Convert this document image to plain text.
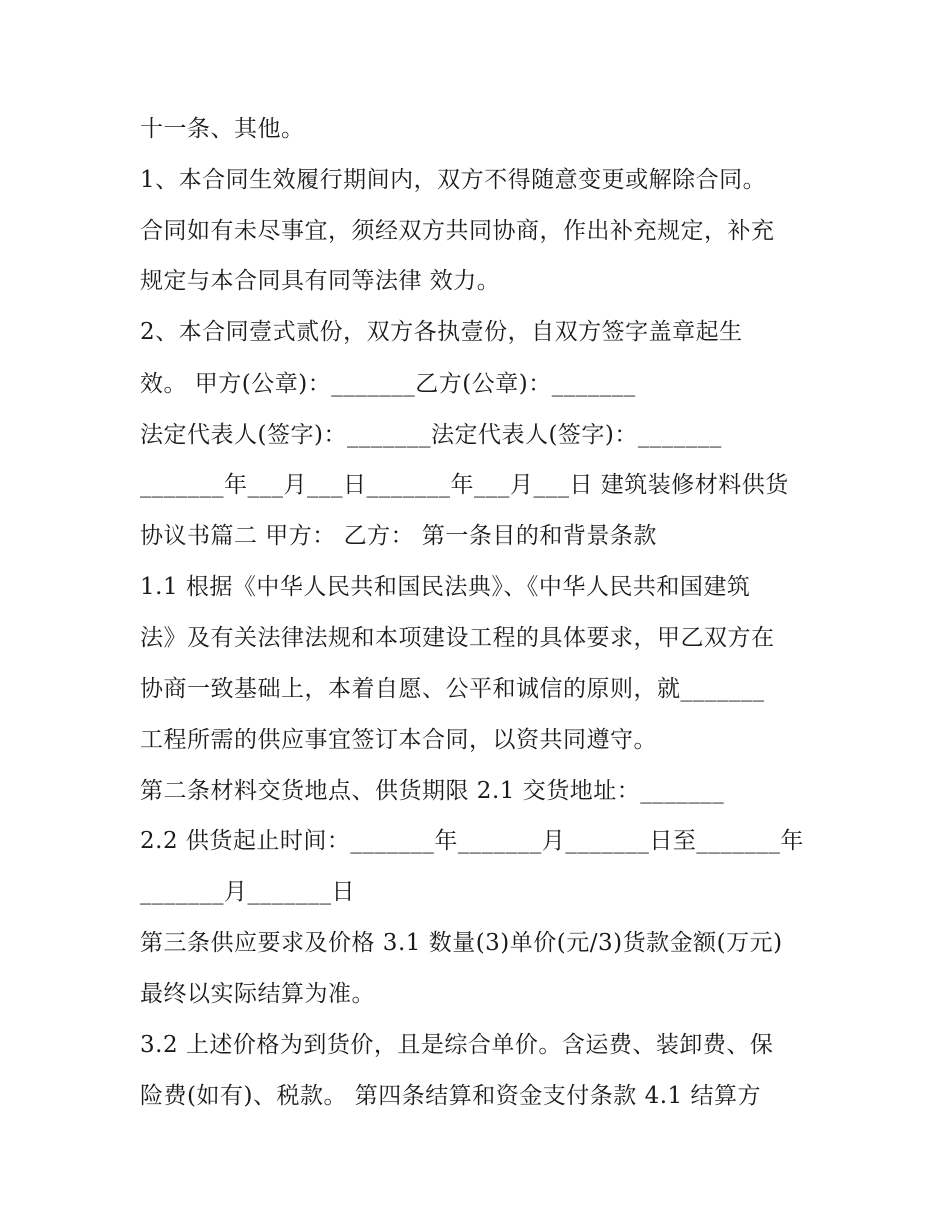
十一条、其他。
1、本合同生效履行期间内，双方不得随意变更或解除合同。
合同如有未尽事宜，须经双方共同协商，作出补充规定，补充
规定与本合同具有同等法律 效力。
2、本合同壹式贰份，双方各执壹份，自双方签字盖章起生
效。 甲方(公章)：_______乙方(公章)：_______
法定代表人(签字)：_______法定代表人(签字)：_______
_______年___月___日_______年___月___日 建筑装修材料供货
协议书篇二 甲方： 乙方： 第一条目的和背景条款
1.1 根据《中华人民共和国民法典》、《中华人民共和国建筑
法》及有关法律法规和本项建设工程的具体要求，甲乙双方在
协商一致基础上，本着自愿、公平和诚信的原则，就_______
工程所需的供应事宜签订本合同，以资共同遵守。
第二条材料交货地点、供货期限 2.1 交货地址：_______
2.2 供货起止时间：_______年_______月_______日至_______年
_______月_______日
第三条供应要求及价格 3.1 数量(3)单价(元/3)货款金额(万元)
最终以实际结算为准。
3.2 上述价格为到货价，且是综合单价。含运费、装卸费、保
险费(如有)、税款。 第四条结算和资金支付条款 4.1 结算方
